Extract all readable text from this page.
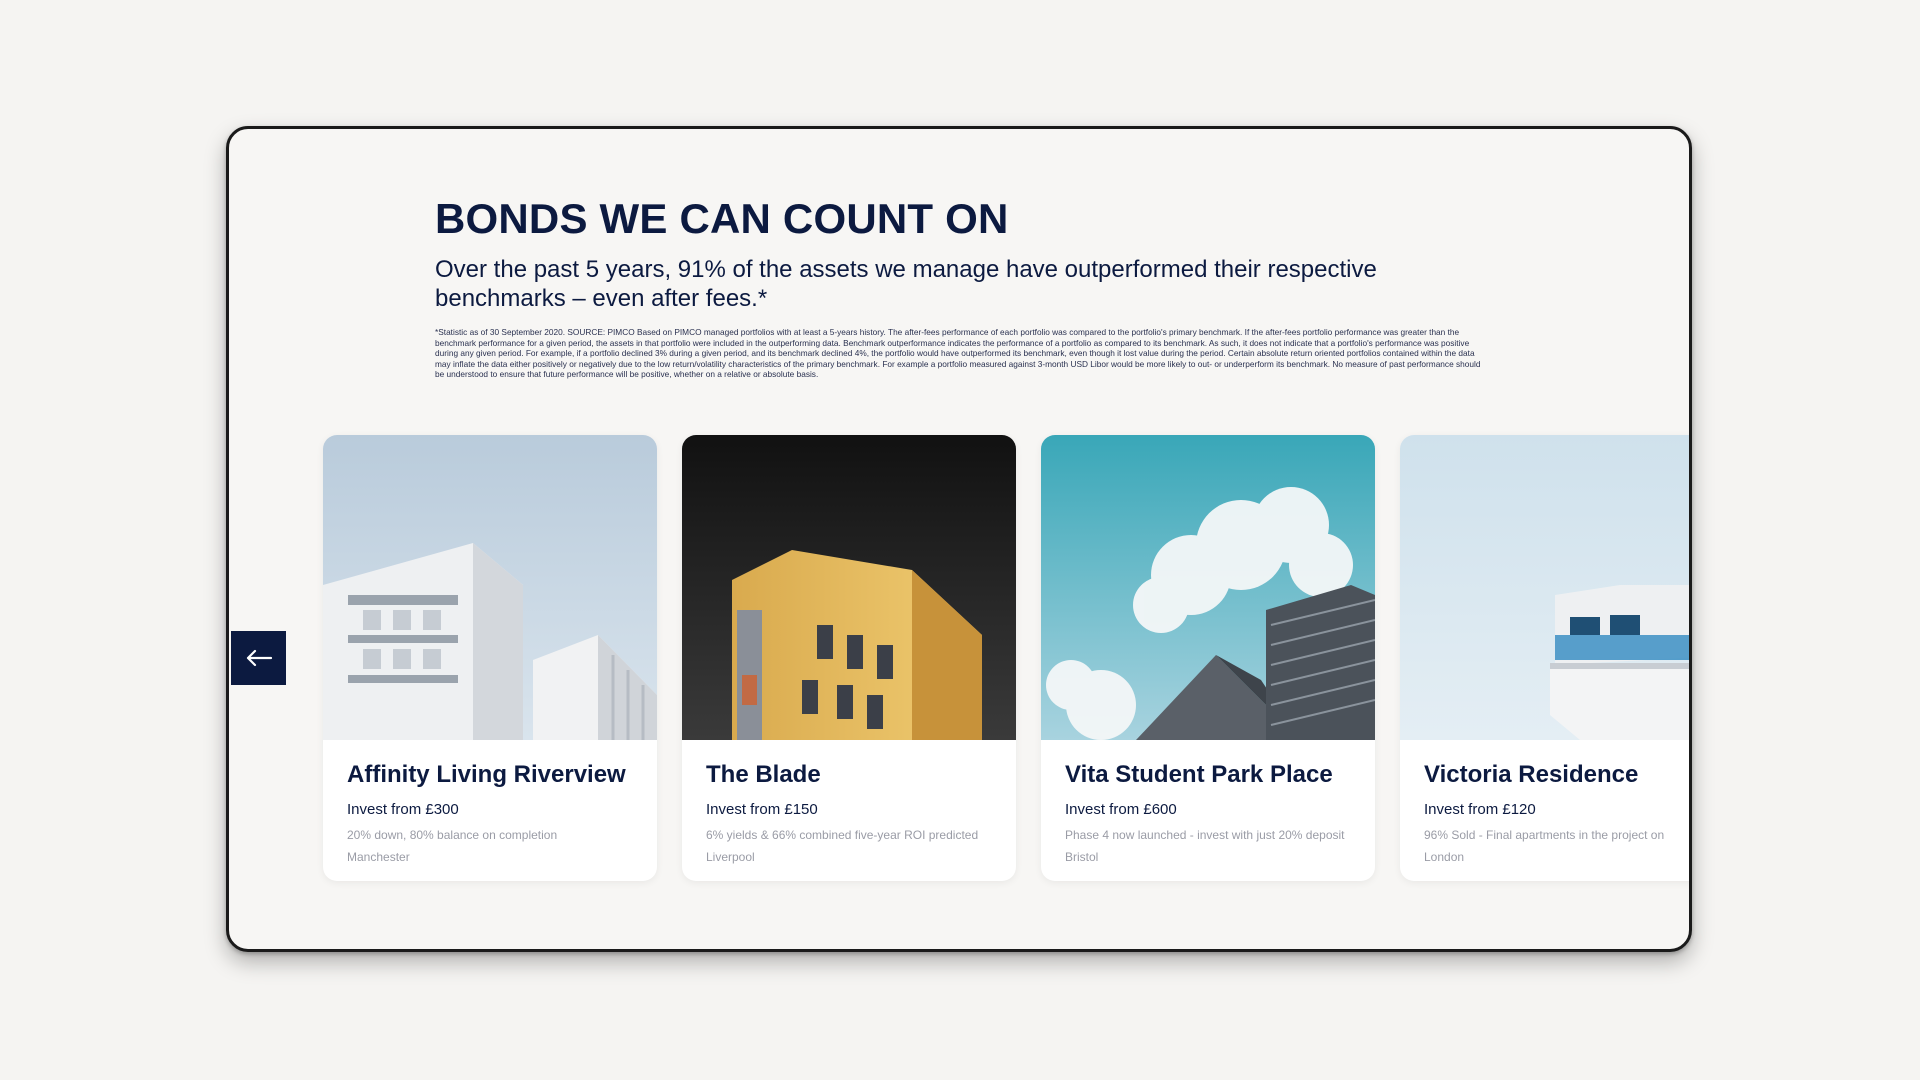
BONDS WE CAN COUNT ON

Over the past 5 years, 91% of the assets we manage have outperformed their respective benchmarks – even after fees.*

*Statistic as of 30 September 2020. SOURCE: PIMCO Based on PIMCO managed portfolios with at least a 5-years history. The after-fees performance of each portfolio was compared to the portfolio's primary benchmark. If the after-fees portfolio performance was greater than the benchmark performance for a given period, the assets in that portfolio were included in the outperforming data. Benchmark outperformance indicates the performance of a portfolio as compared to its benchmark. As such, it does not indicate that a portfolio's performance was positive during any given period. For example, if a portfolio declined 3% during a given period, and its benchmark declined 4%, the portfolio would have outperformed its benchmark, even though it lost value during the period. Certain absolute return oriented portfolios contained within the data may inflate the data either positively or negatively due to the low return/volatility characteristics of the primary benchmark. For example a portfolio measured against 3-month USD Libor would be more likely to out- or underperform its benchmark. No measure of past performance should be understood to ensure that future performance will be positive, whether on a relative or absolute basis.

Affinity Living Riverview

Invest from £300

20% down, 80% balance on completion

Manchester

The Blade

Invest from £150

6% yields & 66% combined five-year ROI predicted

Liverpool

Vita Student Park Place

Invest from £600

Phase 4 now launched - invest with just 20% deposit

Bristol

Victoria Residence

Invest from £120

96% Sold - Final apartments in the project on

London
